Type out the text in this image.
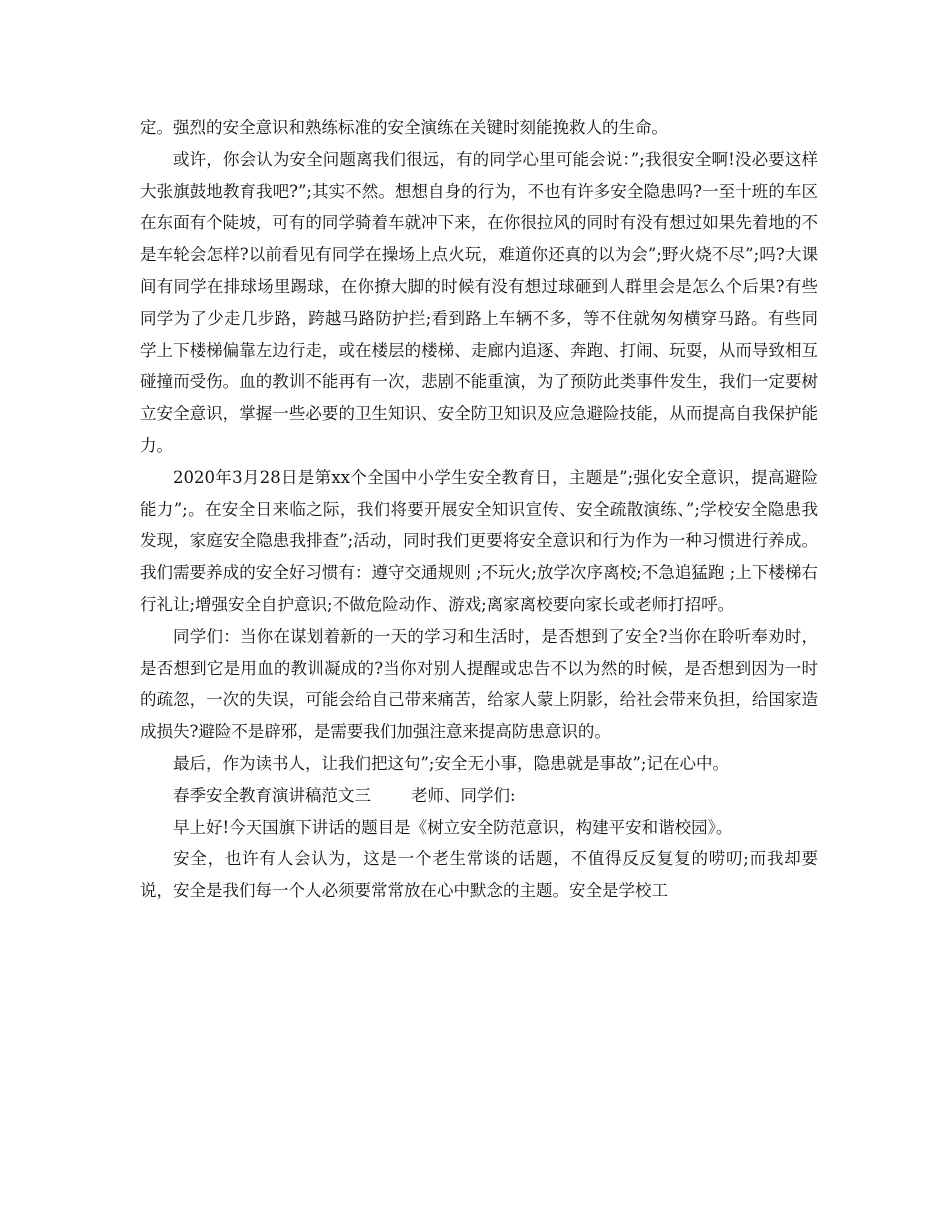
定。强烈的安全意识和熟练标准的安全演练在关键时刻能挽救人的生命。

或许，你会认为安全问题离我们很远，有的同学心里可能会说：”;我很安全啊!没必要这样大张旗鼓地教育我吧?”;其实不然。想想自身的行为，不也有许多安全隐患吗?一至十班的车区在东面有个陡坡，可有的同学骑着车就冲下来，在你很拉风的同时有没有想过如果先着地的不是车轮会怎样?以前看见有同学在操场上点火玩，难道你还真的以为会”;野火烧不尽”;吗?大课间有同学在排球场里踢球，在你撩大脚的时候有没有想过球砸到人群里会是怎么个后果?有些同学为了少走几步路，跨越马路防护拦;看到路上车辆不多，等不住就匆匆横穿马路。有些同学上下楼梯偏靠左边行走，或在楼层的楼梯、走廊内追逐、奔跑、打闹、玩耍，从而导致相互碰撞而受伤。血的教训不能再有一次，悲剧不能重演，为了预防此类事件发生，我们一定要树立安全意识，掌握一些必要的卫生知识、安全防卫知识及应急避险技能，从而提高自我保护能力。

2020年3月28日是第xx个全国中小学生安全教育日，主题是”;强化安全意识，提高避险能力”;。在安全日来临之际，我们将要开展安全知识宣传、安全疏散演练、”;学校安全隐患我发现，家庭安全隐患我排查”;活动，同时我们更要将安全意识和行为作为一种习惯进行养成。我们需要养成的安全好习惯有：遵守交通规则 ;不玩火;放学次序离校;不急追猛跑 ;上下楼梯右行礼让;增强安全自护意识;不做危险动作、游戏;离家离校要向家长或老师打招呼。

同学们：当你在谋划着新的一天的学习和生活时，是否想到了安全?当你在聆听奉劝时，是否想到它是用血的教训凝成的?当你对别人提醒或忠告不以为然的时候，是否想到因为一时的疏忽，一次的失误，可能会给自己带来痛苦，给家人蒙上阴影，给社会带来负担，给国家造成损失?避险不是辟邪，是需要我们加强注意来提高防患意识的。

最后，作为读书人，让我们把这句”;安全无小事，隐患就是事故”;记在心中。

春季安全教育演讲稿范文三 老师、同学们:

早上好!今天国旗下讲话的题目是《树立安全防范意识，构建平安和谐校园》。

安全，也许有人会认为，这是一个老生常谈的话题，不值得反反复复的唠叨;而我却要说，安全是我们每一个人必须要常常放在心中默念的主题。安全是学校工
